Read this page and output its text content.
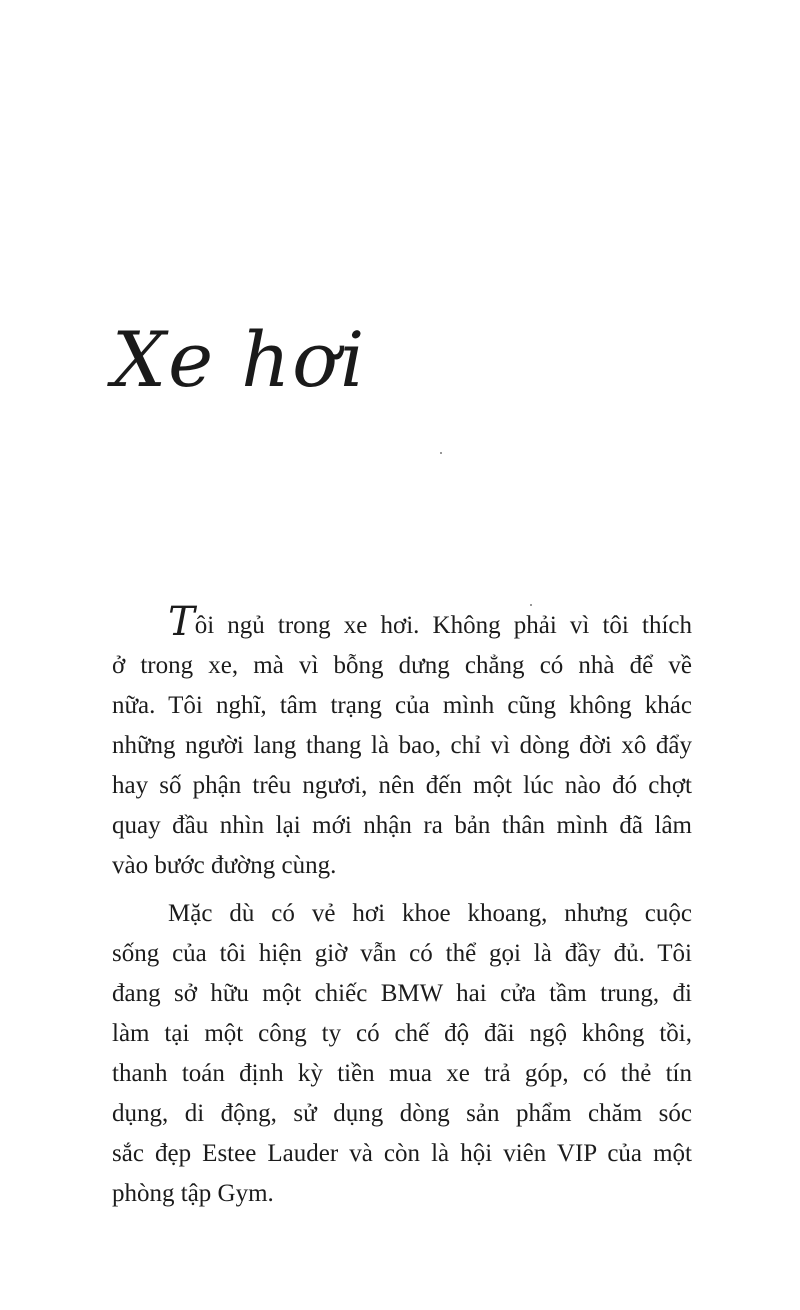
Xe hơi

Tôi ngủ trong xe hơi. Không phải vì tôi thích
ở trong xe, mà vì bỗng dưng chẳng có nhà để về
nữa. Tôi nghĩ, tâm trạng của mình cũng không khác
những người lang thang là bao, chỉ vì dòng đời xô đẩy
hay số phận trêu ngươi, nên đến một lúc nào đó chợt
quay đầu nhìn lại mới nhận ra bản thân mình đã lâm
vào bước đường cùng.

Mặc dù có vẻ hơi khoe khoang, nhưng cuộc
sống của tôi hiện giờ vẫn có thể gọi là đầy đủ. Tôi
đang sở hữu một chiếc BMW hai cửa tầm trung, đi
làm tại một công ty có chế độ đãi ngộ không tồi,
thanh toán định kỳ tiền mua xe trả góp, có thẻ tín
dụng, di động, sử dụng dòng sản phẩm chăm sóc
sắc đẹp Estee Lauder và còn là hội viên VIP của một
phòng tập Gym.
